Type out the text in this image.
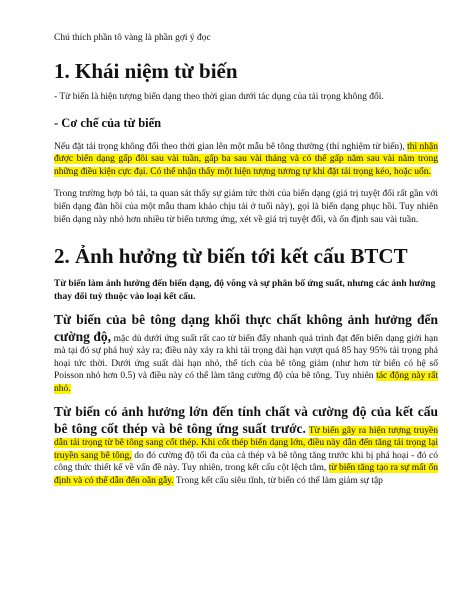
Chú thích phần tô vàng là phần gợi ý đọc

1. Khái niệm từ biến

- Từ biến là hiện tượng biến dạng theo thời gian dưới tác dụng của tải trọng không đổi.

- Cơ chế của từ biến

Nếu đặt tải trọng không đổi theo thời gian lên một mẫu bê tông thường (thí nghiệm từ biến), thì nhận được biến dạng gấp đôi sau vài tuần, gấp ba sau vài tháng và có thể gấp năm sau vài năm trong những điều kiện cực đại. Có thể nhận thấy một hiện tượng tương tự khi đặt tải trọng kéo, hoặc uốn.

Trong trường hợp bỏ tải, ta quan sát thấy sự giảm tức thời của biến dạng (giá trị tuyệt đối rất gần với biến dạng đàn hồi của một mẫu tham khảo chịu tải ở tuổi này), gọi là biến dạng phục hồi. Tuy nhiên biến dạng này nhỏ hơn nhiều từ biến tương ứng, xét về giá trị tuyệt đối, và ổn định sau vài tuần.

2. Ảnh hưởng từ biến tới kết cấu BTCT

Từ biến làm ảnh hưởng đến biến dạng, độ võng và sự phân bố ứng suất, nhưng các ảnh hưởng thay đổi tuỳ thuộc vào loại kết cấu.

Từ biến của bê tông dạng khối thực chất không ảnh hưởng đến cường độ, mặc dù dưới ứng suất rất cao từ biến đẩy nhanh quá trình đạt đến biến dạng giới hạn mà tại đó sự phá huỷ xảy ra; điều này xảy ra khi tải trọng dài hạn vượt quá 85 hay 95% tải trọng phá hoại tức thời. Dưới ứng suất dài hạn nhỏ, thể tích của bê tông giảm (như hơn từ biến có hệ số Poisson nhỏ hơn 0.5) và điều này có thể làm tăng cường độ của bê tông. Tuy nhiên tác động này rất nhỏ.

Từ biến có ảnh hưởng lớn đến tính chất và cường độ của kết cấu bê tông cốt thép và bê tông ứng suất trước. Từ biến gây ra hiện tượng truyền dẫn tải trọng từ bê tông sang cốt thép. Khi cốt thép biến dạng lớn, điều này dẫn đến tăng tải trọng lại truyền sang bê tông, do đó cường độ tối đa của cả thép và bê tông tăng trước khi bị phá hoại - đó có công thức thiết kế về vấn đề này. Tuy nhiên, trong kết cấu cột lệch tâm, từ biến tăng tạo ra sự mất ổn định và có thể dẫn đến oằn gẫy. Trong kết cấu siêu tĩnh, từ biến có thể làm giảm sự tập
